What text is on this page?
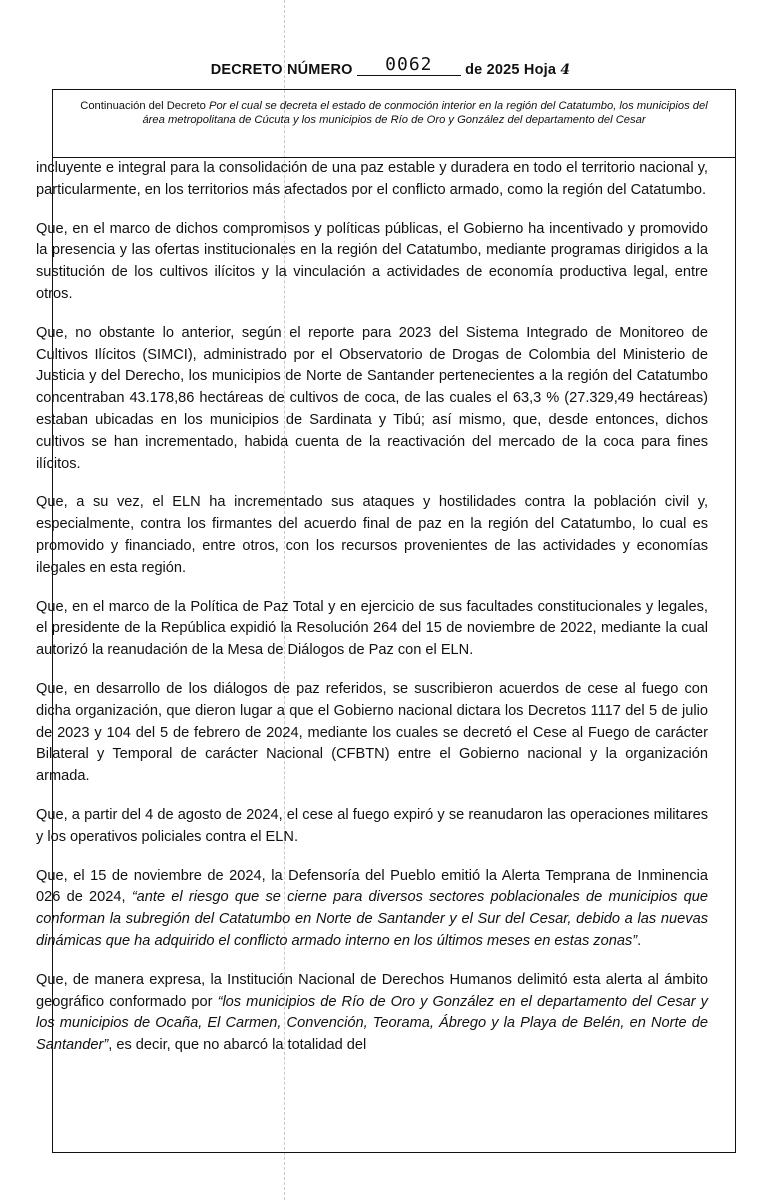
DECRETO NÚMERO 0062 de 2025 Hoja 4
Continuación del Decreto Por el cual se decreta el estado de conmoción interior en la región del Catatumbo, los municipios del área metropolitana de Cúcuta y los municipios de Río de Oro y González del departamento del Cesar

incluyente e integral para la consolidación de una paz estable y duradera en todo el territorio nacional y, particularmente, en los territorios más afectados por el conflicto armado, como la región del Catatumbo.

Que, en el marco de dichos compromisos y políticas públicas, el Gobierno ha incentivado y promovido la presencia y las ofertas institucionales en la región del Catatumbo, mediante programas dirigidos a la sustitución de los cultivos ilícitos y la vinculación a actividades de economía productiva legal, entre otros.

Que, no obstante lo anterior, según el reporte para 2023 del Sistema Integrado de Monitoreo de Cultivos Ilícitos (SIMCI), administrado por el Observatorio de Drogas de Colombia del Ministerio de Justicia y del Derecho, los municipios de Norte de Santander pertenecientes a la región del Catatumbo concentraban 43.178,86 hectáreas de cultivos de coca, de las cuales el 63,3 % (27.329,49 hectáreas) estaban ubicadas en los municipios de Sardinata y Tibú; así mismo, que, desde entonces, dichos cultivos se han incrementado, habida cuenta de la reactivación del mercado de la coca para fines ilícitos.

Que, a su vez, el ELN ha incrementado sus ataques y hostilidades contra la población civil y, especialmente, contra los firmantes del acuerdo final de paz en la región del Catatumbo, lo cual es promovido y financiado, entre otros, con los recursos provenientes de las actividades y economías ilegales en esta región.

Que, en el marco de la Política de Paz Total y en ejercicio de sus facultades constitucionales y legales, el presidente de la República expidió la Resolución 264 del 15 de noviembre de 2022, mediante la cual autorizó la reanudación de la Mesa de Diálogos de Paz con el ELN.

Que, en desarrollo de los diálogos de paz referidos, se suscribieron acuerdos de cese al fuego con dicha organización, que dieron lugar a que el Gobierno nacional dictara los Decretos 1117 del 5 de julio de 2023 y 104 del 5 de febrero de 2024, mediante los cuales se decretó el Cese al Fuego de carácter Bilateral y Temporal de carácter Nacional (CFBTN) entre el Gobierno nacional y la organización armada.

Que, a partir del 4 de agosto de 2024, el cese al fuego expiró y se reanudaron las operaciones militares y los operativos policiales contra el ELN.

Que, el 15 de noviembre de 2024, la Defensoría del Pueblo emitió la Alerta Temprana de Inminencia 026 de 2024, “ante el riesgo que se cierne para diversos sectores poblacionales de municipios que conforman la subregión del Catatumbo en Norte de Santander y el Sur del Cesar, debido a las nuevas dinámicas que ha adquirido el conflicto armado interno en los últimos meses en estas zonas”.

Que, de manera expresa, la Institución Nacional de Derechos Humanos delimitó esta alerta al ámbito geográfico conformado por “los municipios de Río de Oro y González en el departamento del Cesar y los municipios de Ocaña, El Carmen, Convención, Teorama, Ábrego y la Playa de Belén, en Norte de Santander”, es decir, que no abarcó la totalidad del
